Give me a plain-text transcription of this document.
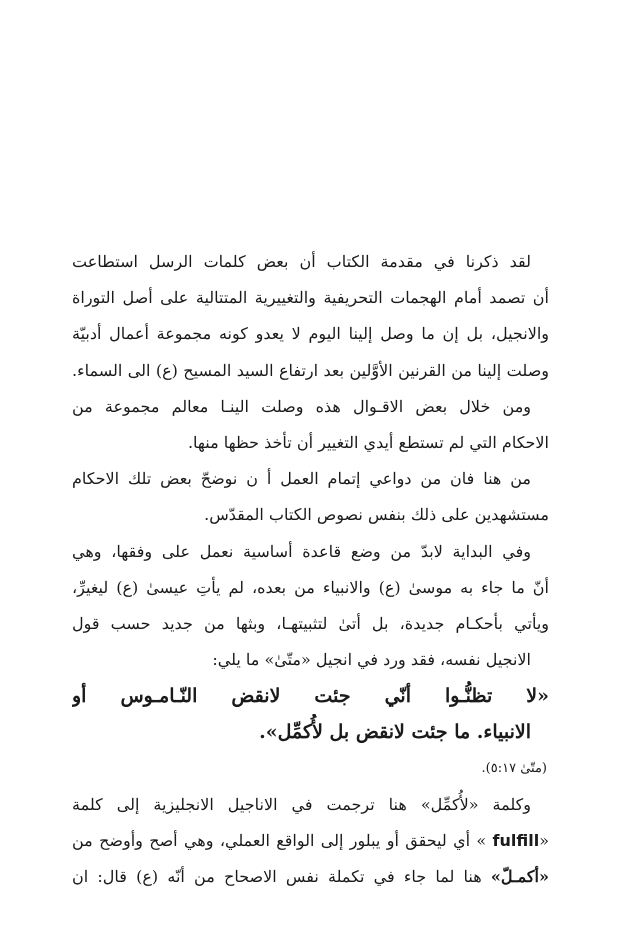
لقد ذكرنا في مقدمة الكتاب أن بعض كلمات الرسل استطاعت
أن تصمد أمام الهجمات التحريفية والتغييرية المتتالية على أصل التوراة
والانجيل، بل إن ما وصل إلينا اليوم لا يعدو كونه مجموعة أعمال أدبيّة
وصلت إلينا من القرنين الأوَّلين بعد ارتفاع السيد المسيح (ع) الى السماء.
ومن خلال بعض الاقـوال هذه وصلت الينـا معالم مجموعة من
الاحكام التي لم تستطع أيدي التغيير أن تأخذ حظها منها.
من هنا فان من دواعي إتمام العمل أ ن نوضحّ بعض تلك الاحكام
مستشهدين على ذلك بنفس نصوص الكتاب المقدّس.
وفي البداية لابدّ من وضع قاعدة أساسية نعمل على وفقها، وهي
أنّ ما جاء به موسىٰ (ع) والانبياء من بعده، لم يأتِ عيسىٰ (ع) ليغيرِّ،
ويأتي بأحكـام جديدة، بل أتىٰ لتثبيتهـا، وبثها من جديد حسب قول
الانجيل نفسه، فقد ورد في انجيل «متّىٰ» ما يلي:
«لا تظنُّـوا أنّي جئت لانقض النّـامـوس أو
الانبياء. ما جئت لانقض بل لأُكمِّل».
(متّىٰ ٥:١٧).
وكلمة «لأُكمِّل» هنا ترجمت في الاناجيل الانجليزية إلى كلمة
«fulfill » أي ليحقق أو يبلور إلى الواقع العملي، وهي أصح وأوضح من
«أكمـلّ» هنا لما جاء في تكملة نفس الاصحاح من أنّه (ع) قال: ان
